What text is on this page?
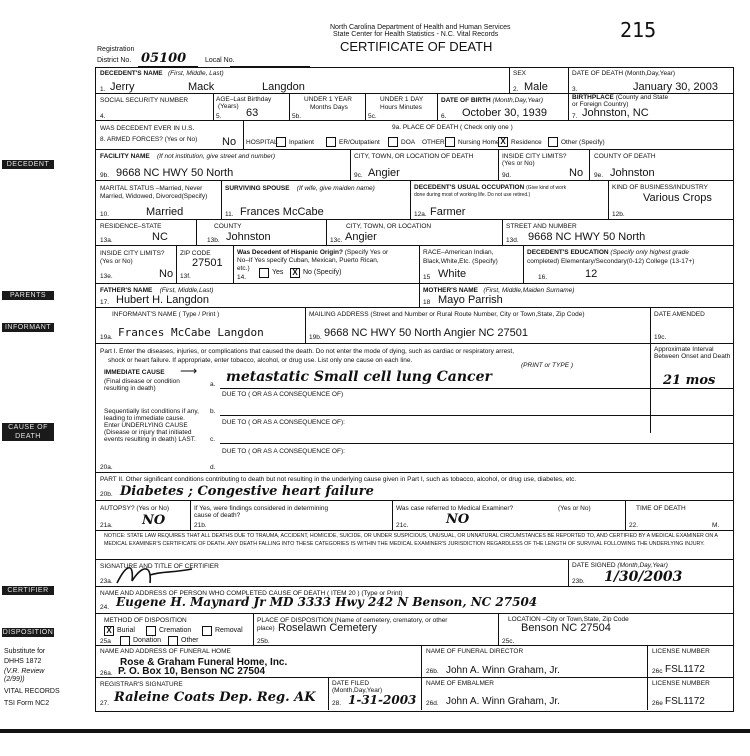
North Carolina Department of Health and Human Services
State Center for Health Statistics - N.C. Vital Records
CERTIFICATE OF DEATH
215
Registration
District No. 05100	Local No.
DECEDENT
PARENTS
INFORMANT
CAUSE OF DEATH
CERTIFIER
DISPOSITION
DECEDENT'S NAME (First, Middle, Last)
1. Jerry	Mack	Langdon
SEX
2. Male
DATE OF DEATH (Month,Day,Year)
3.	January 30, 2003
SOCIAL SECURITY NUMBER
4.
AGE–Last Birthday
(Years)
5. 63
UNDER 1 YEAR
Months Days
5b.
UNDER 1 DAY
Hours Minutes
5c.
DATE OF BIRTH (Month,Day,Year)
6. October 30, 1939
BIRTHPLACE (County and State
or Foreign Country)
7. Johnston, NC
WAS DECEDENT EVER IN U.S.
8. ARMED FORCES? (Yes or No) No
9a. PLACE OF DEATH ( Check only one )
HOSPITAL Inpatient	ER/Outpatient	DOA OTHER Nursing Home X Residence	Other (Specify)
FACILITY NAME (If not institution, give street and number)
9b. 9668 NC HWY 50 North
CITY, TOWN, OR LOCATION OF DEATH
9c. Angier
INSIDE CITY LIMITS?
(Yes or No)
9d.	No
COUNTY OF DEATH
9e. Johnston
MARITAL STATUS –Married, Never
Married, Widowed, Divorced(Specify)
10.	Married
SURVIVING SPOUSE (If wife, give maiden name)
11. Frances McCabe
DECEDENT'S USUAL OCCUPATION (Give kind of work
done during most of working life. Do not use retired.)
12a. Farmer
KIND OF BUSINESS/INDUSTRY
Various Crops
12b.
RESIDENCE–STATE
13a.	NC
COUNTY
13b. Johnston
CITY, TOWN, OR LOCATION
13c. Angier
STREET AND NUMBER
13d. 9668 NC HWY 50 North
INSIDE CITY LIMITS?
(Yes or No)
13e.	No
ZIP CODE
27501
13f.
Was Decedent of Hispanic Origin? (Specify Yes or
No–If Yes specify Cuban, Mexican, Puerto Rican,
etc.)
14.
Yes X No (Specify)
RACE–American Indian,
Black,White,Etc. (Specify)
15 White
DECEDENT'S EDUCATION (Specify only highest grade
completed) Elementary/Secondary(0-12) College (13-17+)
16.	12
FATHER'S NAME (First, Middle,Last)
17. Hubert H. Langdon
MOTHER'S NAME (First, Middle,Maiden Surname)
18 Mayo Parrish
INFORMANT'S NAME ( Type / Print )
19a. Frances McCabe Langdon
MAILING ADDRESS (Street and Number or Rural Route Number, City or Town,State, Zip Code)
19b. 9668 NC HWY 50 North Angier NC 27501
DATE AMENDED
19c.
Part I. Enter the diseases, injuries, or complications that caused the death. Do not enter the mode of dying, such as cardiac or respiratory arrest,
shock or heart failure. If appropriate, enter tobacco, alcohol, or drug use. List only one cause on each line.
(PRINT or TYPE )
Approximate Interval Between Onset and Death
IMMEDIATE CAUSE ⟶
(Final disease or condition resulting in death)
a. metastatic Small cell lung Cancer	21 mos
DUE TO ( OR AS A CONSEQUENCE OF)
Sequentially list conditions if any, leading to immediate cause. Enter UNDERLYING CAUSE (Disease or injury that initiated events resulting in death) LAST.
b.
DUE TO ( OR AS A CONSEQUENCE OF):
c.
DUE TO ( OR AS A CONSEQUENCE OF):
20a.	d.
PART II. Other significant conditions contributing to death but not resulting in the underlying cause given in Part I, such as tobacco, alcohol, or drug use, diabetes, etc.
20b. Diabetes ; Congestive heart failure
AUTOPSY? (Yes or No)
21a. NO
If Yes, were findings considered in determining cause of death?
21b.
Was case referred to Medical Examiner?	(Yes or No)
21c.	NO
TIME OF DEATH
22.	M.
NOTICE: STATE LAW REQUIRES THAT ALL DEATHS DUE TO TRAUMA, ACCIDENT, HOMICIDE, SUICIDE, OR UNDER SUSPICIOUS, UNUSUAL, OR UNNATURAL CIRCUMSTANCES BE REPORTED TO, AND CERTIFIED BY A MEDICAL EXAMINER ON A MEDICAL EXAMINER'S CERTIFICATE OF DEATH. ANY DEATH FALLING INTO THESE CATEGORIES IS WITHIN THE MEDICAL EXAMINER'S JURISDICTION REGARDLESS OF THE LENGTH OF SURVIVAL FOLLOWING THE UNDERLYING INJURY.
SIGNATURE AND TITLE OF CERTIFIER
23a.
DATE SIGNED (Month,Day,Year)
23b. 1/30/2003
NAME AND ADDRESS OF PERSON WHO COMPLETED CAUSE OF DEATH ( ITEM 20 ) (Type or Print)
24. Eugene H. Maynard Jr MD 3333 Hwy 242 N Benson, NC 27504
METHOD OF DISPOSITION
X Burial	Cremation	Removal
25a	Donation	Other
PLACE OF DISPOSITION (Name of cemetery, crematory, or other
place) Roselawn Cemetery
25b.
LOCATION –City or Town,State, Zip Code
Benson NC 27504
25c.
NAME AND ADDRESS OF FUNERAL HOME
Rose & Graham Funeral Home, Inc.
26a. P. O. Box 10, Benson NC 27504
NAME OF FUNERAL DIRECTOR
26b. John A. Winn Graham, Jr.
LICENSE NUMBER
26c FSL1172
REGISTRAR'S SIGNATURE
27. Raleine Coats Dep. Reg. AK
DATE FILED
(Month,Day,Year)
28. 1-31-2003
NAME OF EMBALMER
26d. John A. Winn Graham, Jr.
LICENSE NUMBER
26e FSL1172
Substitute for
DHHS 1872
(V.R. Review
(2/99))
VITAL RECORDS
TSI Form NC2
